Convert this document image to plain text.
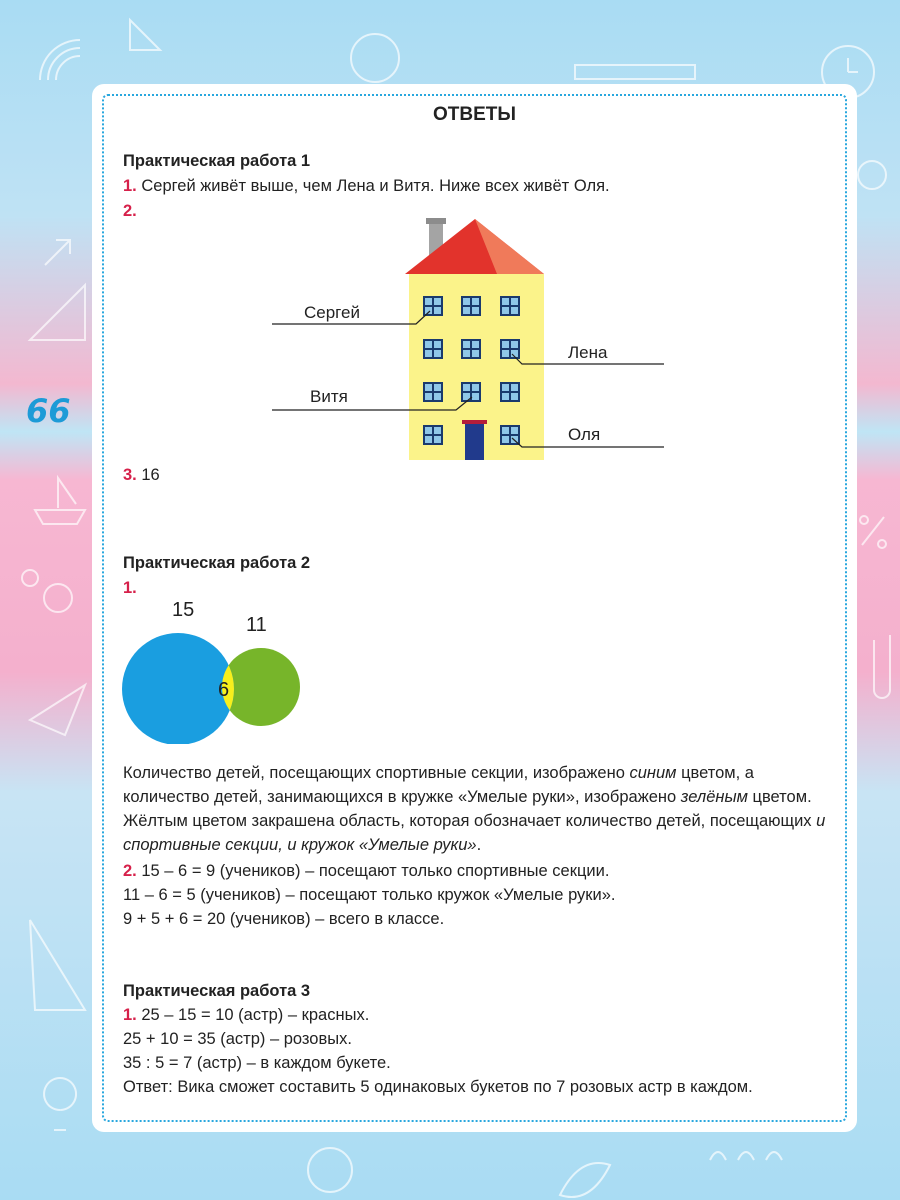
66
ОТВЕТЫ
Практическая работа 1
1. Сергей живёт выше, чем Лена и Витя. Ниже всех живёт Оля.
2.
Сергей
Лена
Витя
Оля
3. 16
Практическая работа 2
1.
15
11
6
Количество детей, посещающих спортивные секции, изображено синим цветом, а количество детей, занимающихся в кружке «Умелые руки», изображено зелёным цветом. Жёлтым цветом закрашена область, которая обозначает количество детей, посещающих и спортивные секции, и кружок «Умелые руки».
2. 15 – 6 = 9 (учеников) – посещают только спортивные секции.
11 – 6 = 5 (учеников) – посещают только кружок «Умелые руки».
9 + 5 + 6 = 20 (учеников) – всего в классе.
Практическая работа 3
1. 25 – 15 = 10 (астр) – красных.
25 + 10 = 35 (астр) – розовых.
35 : 5 = 7 (астр) – в каждом букете.
Ответ: Вика сможет составить 5 одинаковых букетов по 7 розовых астр в каждом.
